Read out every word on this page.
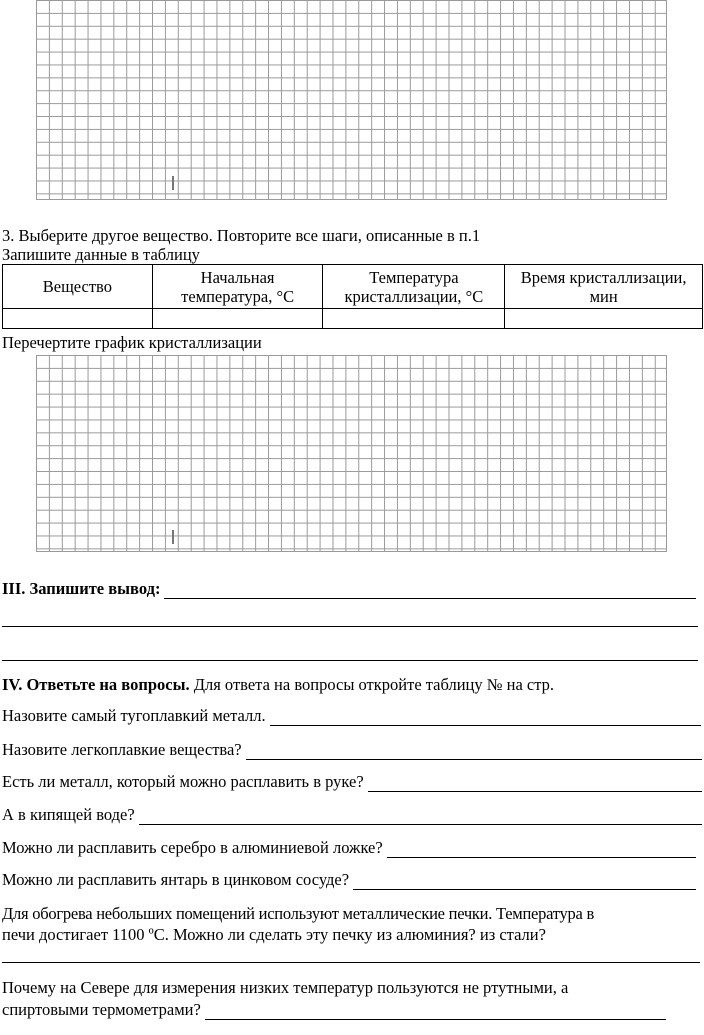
3. Выберите другое вещество. Повторите все шаги, описанные в п.1
Запишите данные в таблицу
Вещество	Начальная температура, °C	Температура кристаллизации, °C	Время кристаллизации, мин

Перечертите график кристаллизации
III. Запишите вывод:
IV. Ответьте на вопросы. Для ответа на вопросы откройте таблицу № на стр.
Назовите самый тугоплавкий металл.
Назовите легкоплавкие вещества?
Есть ли металл, который можно расплавить в руке?
А в кипящей воде?
Можно ли расплавить серебро в алюминиевой ложке?
Можно ли расплавить янтарь в цинковом сосуде?
Для обогрева небольших помещений используют металлические печки. Температура в
печи достигает 1100 ºС. Можно ли сделать эту печку из алюминия? из стали?
Почему на Севере для измерения низких температур пользуются не ртутными, а
спиртовыми термометрами?
